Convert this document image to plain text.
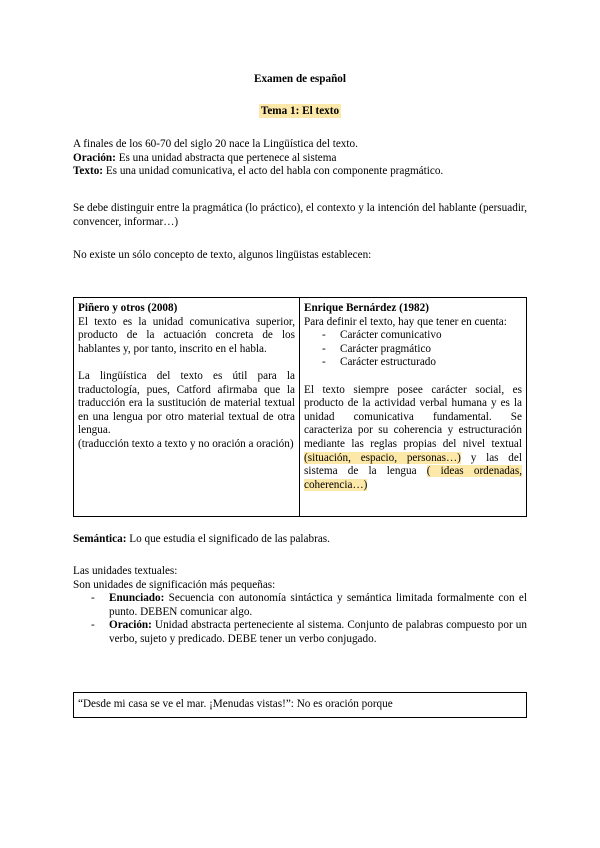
Examen de español
Tema 1: El texto
A finales de los 60-70 del siglo 20 nace la Lingüística del texto.
Oración: Es una unidad abstracta que pertenece al sistema
Texto: Es una unidad comunicativa, el acto del habla con componente pragmático.
Se debe distinguir entre la pragmática (lo práctico), el contexto y la intención del hablante (persuadir, convencer, informar…)
No existe un sólo concepto de texto, algunos lingüistas establecen:
Piñero y otros (2008)

El texto es la unidad comunicativa superior, producto de la actuación concreta de los hablantes y, por tanto, inscrito en el habla.

La lingüística del texto es útil para la traductología, pues, Catford afirmaba que la traducción era la sustitución de material textual en una lengua por otro material textual de otra lengua.

(traducción texto a texto y no oración a oración)

Enrique Bernárdez (1982)

Para definir el texto, hay que tener en cuenta:

- Carácter comunicativo
- Carácter pragmático
- Carácter estructurado

El texto siempre posee carácter social, es producto de la actividad verbal humana y es la unidad comunicativa fundamental. Se caracteriza por su coherencia y estructuración mediante las reglas propias del nivel textual (situación, espacio, personas…) y las del sistema de la lengua ( ideas ordenadas, coherencia…)

Semántica: Lo que estudia el significado de las palabras.
Las unidades textuales:
Son unidades de significación más pequeñas:
- Enunciado: Secuencia con autonomía sintáctica y semántica limitada formalmente con el punto. DEBEN comunicar algo.
- Oración: Unidad abstracta perteneciente al sistema. Conjunto de palabras compuesto por un verbo, sujeto y predicado. DEBE tener un verbo conjugado.
“Desde mi casa se ve el mar. ¡Menudas vistas!”: No es oración porque
